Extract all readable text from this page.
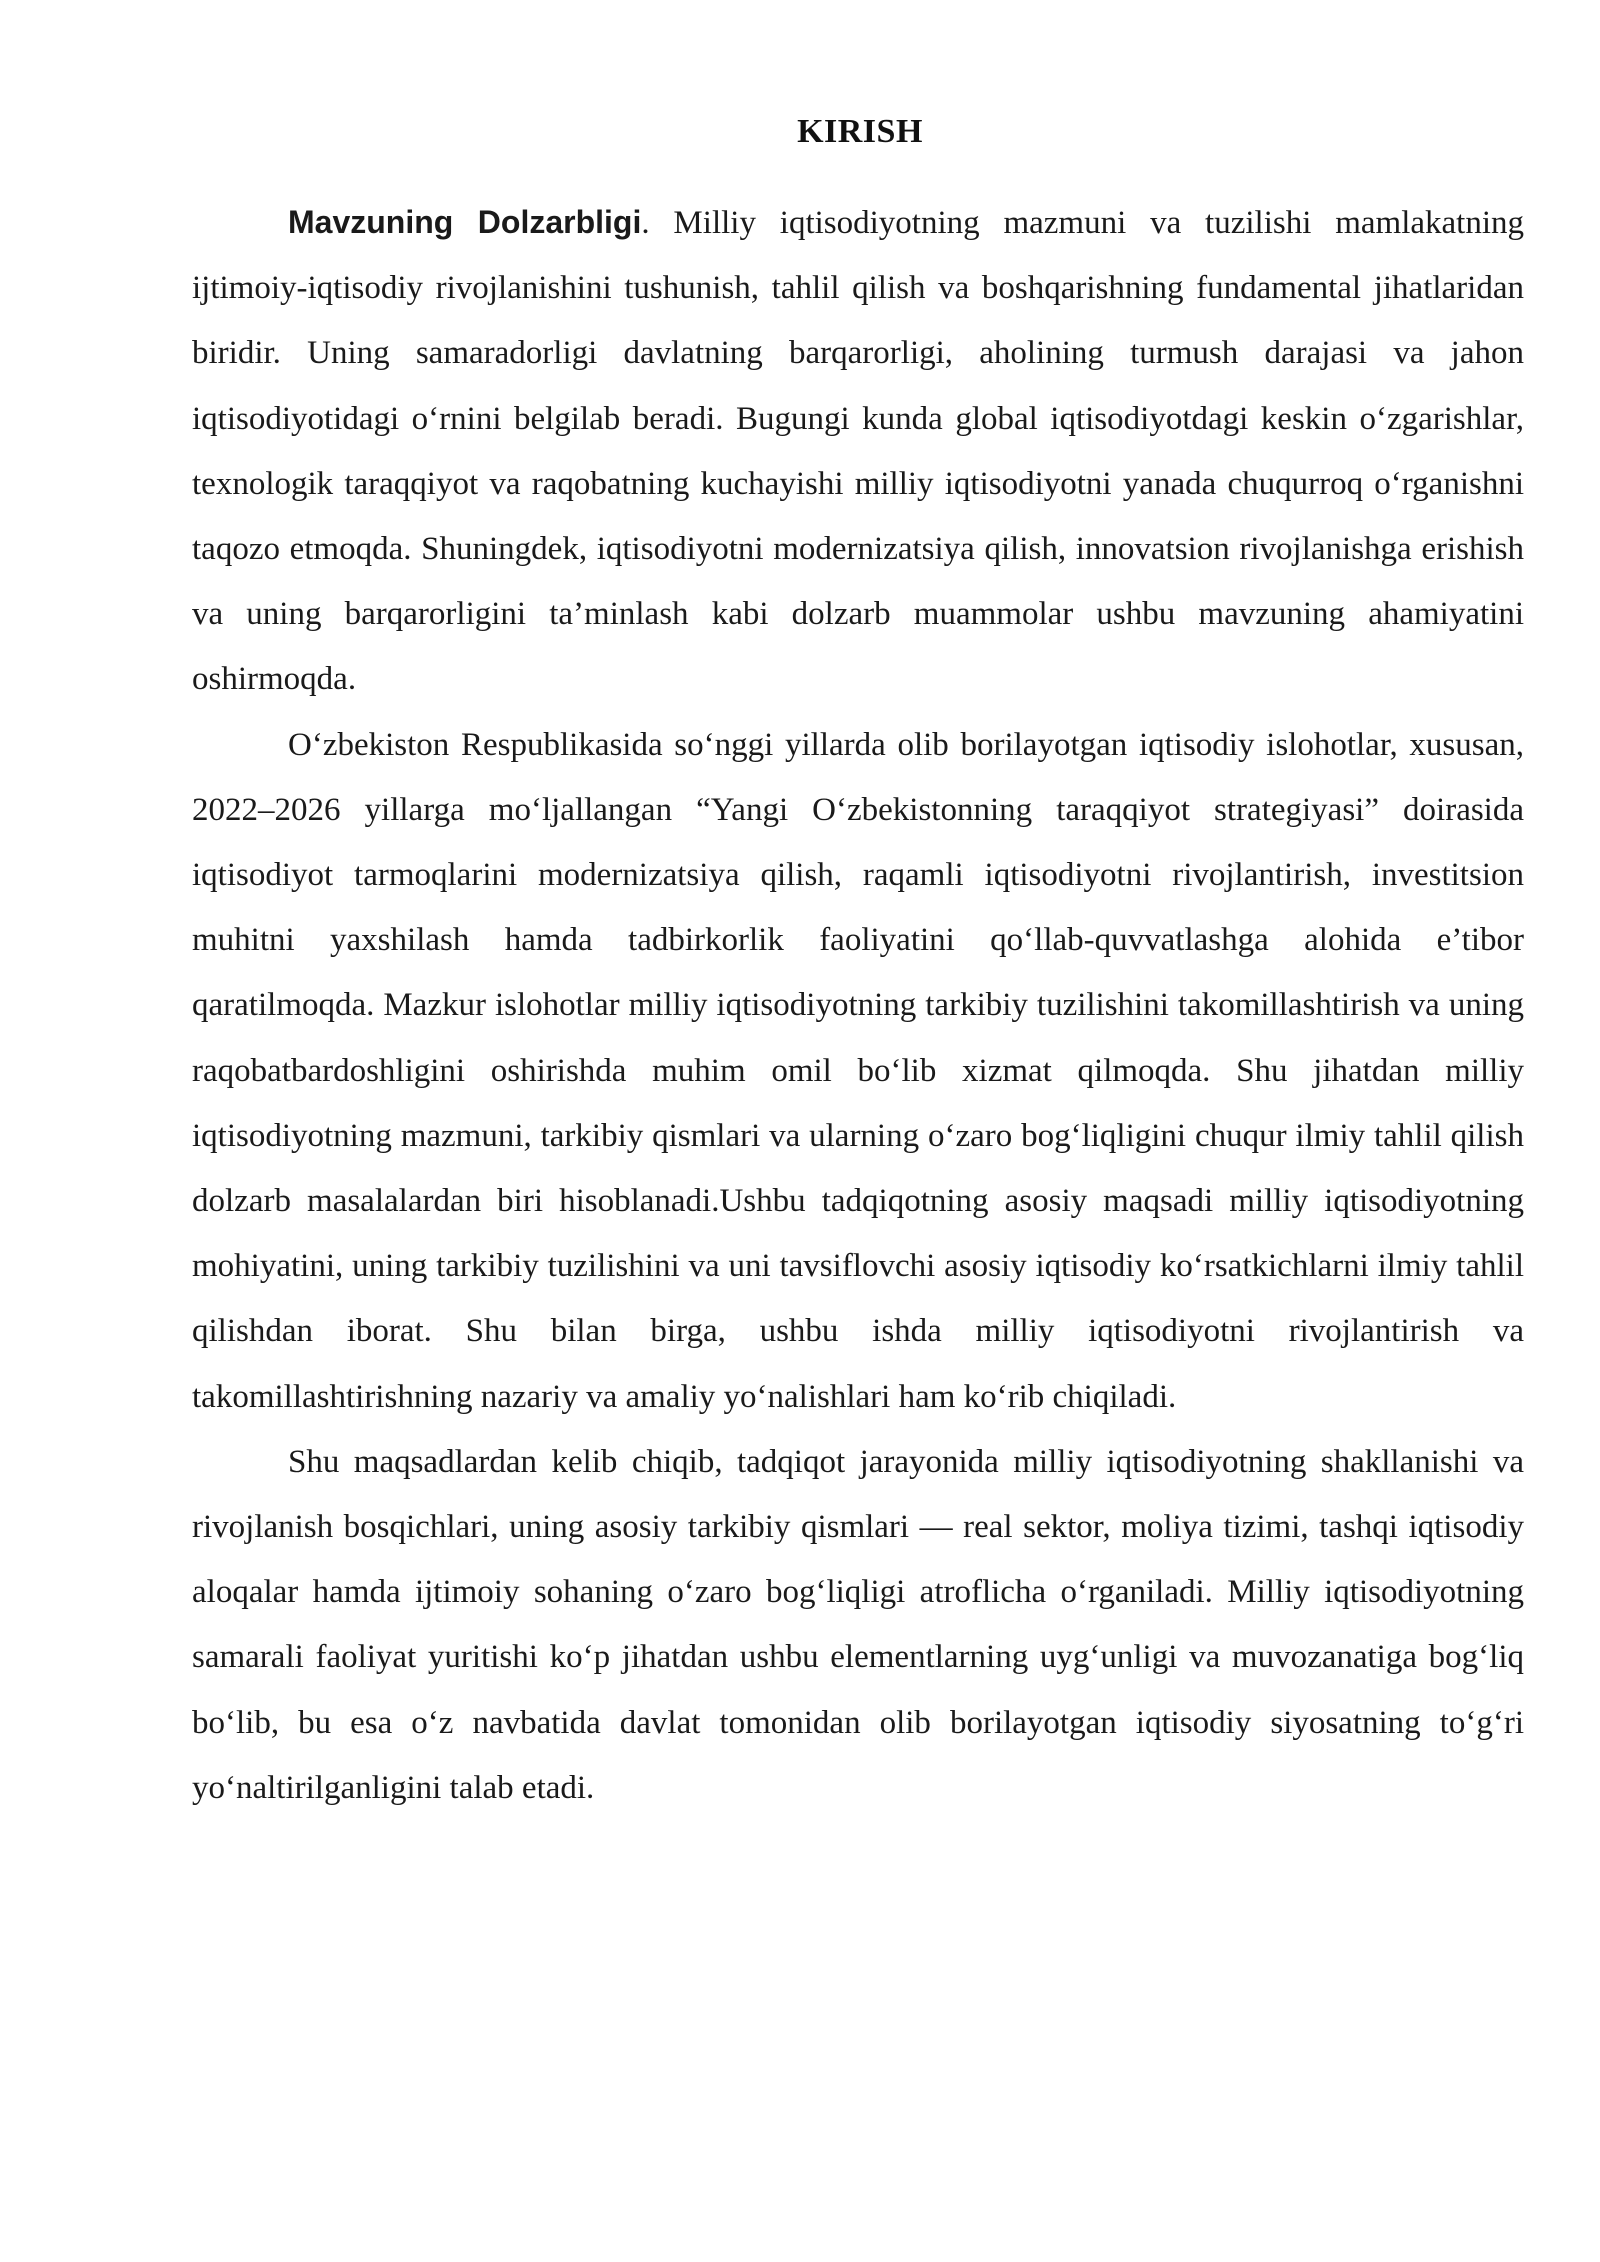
KIRISH

Mavzuning Dolzarbligi. Milliy iqtisodiyotning mazmuni va tuzilishi mamlakatning ijtimoiy-iqtisodiy rivojlanishini tushunish, tahlil qilish va boshqarishning fundamental jihatlaridan biridir. Uning samaradorligi davlatning barqarorligi, aholining turmush darajasi va jahon iqtisodiyotidagi o‘rnini belgilab beradi. Bugungi kunda global iqtisodiyotdagi keskin o‘zgarishlar, texnologik taraqqiyot va raqobatning kuchayishi milliy iqtisodiyotni yanada chuqurroq o‘rganishni taqozo etmoqda. Shuningdek, iqtisodiyotni modernizatsiya qilish, innovatsion rivojlanishga erishish va uning barqarorligini ta’minlash kabi dolzarb muammolar ushbu mavzuning ahamiyatini oshirmoqda.

O‘zbekiston Respublikasida so‘nggi yillarda olib borilayotgan iqtisodiy islohotlar, xususan, 2022–2026 yillarga mo‘ljallangan “Yangi O‘zbekistonning taraqqiyot strategiyasi” doirasida iqtisodiyot tarmoqlarini modernizatsiya qilish, raqamli iqtisodiyotni rivojlantirish, investitsion muhitni yaxshilash hamda tadbirkorlik faoliyatini qo‘llab-quvvatlashga alohida e’tibor qaratilmoqda. Mazkur islohotlar milliy iqtisodiyotning tarkibiy tuzilishini takomillashtirish va uning raqobatbardoshligini oshirishda muhim omil bo‘lib xizmat qilmoqda. Shu jihatdan milliy iqtisodiyotning mazmuni, tarkibiy qismlari va ularning o‘zaro bog‘liqligini chuqur ilmiy tahlil qilish dolzarb masalalardan biri hisoblanadi.Ushbu tadqiqotning asosiy maqsadi milliy iqtisodiyotning mohiyatini, uning tarkibiy tuzilishini va uni tavsiflovchi asosiy iqtisodiy ko‘rsatkichlarni ilmiy tahlil qilishdan iborat. Shu bilan birga, ushbu ishda milliy iqtisodiyotni rivojlantirish va takomillashtirishning nazariy va amaliy yo‘nalishlari ham ko‘rib chiqiladi.

Shu maqsadlardan kelib chiqib, tadqiqot jarayonida milliy iqtisodiyotning shakllanishi va rivojlanish bosqichlari, uning asosiy tarkibiy qismlari — real sektor, moliya tizimi, tashqi iqtisodiy aloqalar hamda ijtimoiy sohaning o‘zaro bog‘liqligi atroflicha o‘rganiladi. Milliy iqtisodiyotning samarali faoliyat yuritishi ko‘p jihatdan ushbu elementlarning uyg‘unligi va muvozanatiga bog‘liq bo‘lib, bu esa o‘z navbatida davlat tomonidan olib borilayotgan iqtisodiy siyosatning to‘g‘ri yo‘naltirilganligini talab etadi.
